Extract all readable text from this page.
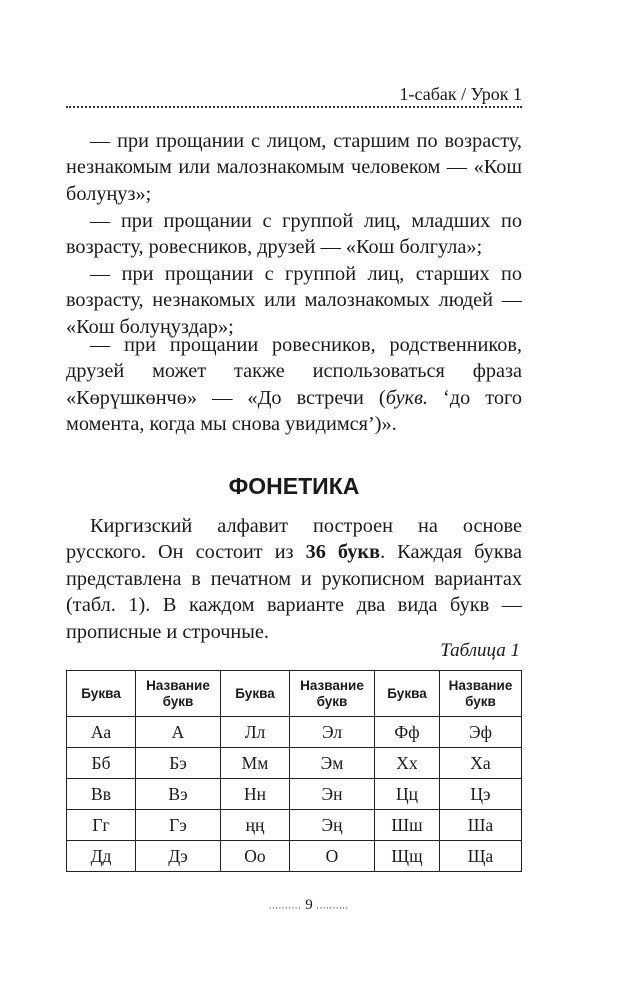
1-сабак / Урок 1

— при прощании с лицом, старшим по возрасту, незнакомым или малознакомым человеком — «Кош болуңуз»;

— при прощании с группой лиц, младших по возрасту, ровесников, друзей — «Кош болгула»;

— при прощании с группой лиц, старших по возрасту, незнакомых или малознакомых людей — «Кош болуңуздар»;

— при прощании ровесников, родственников, друзей может также использоваться фраза «Көрүшкөнчө» — «До встречи (букв. ‘до того момента, когда мы снова увидимся’)».

ФОНЕТИКА

Киргизский алфавит построен на основе русского. Он состоит из 36 букв. Каждая буква представлена в печатном и рукописном вариантах (табл. 1). В каждом варианте два вида букв — прописные и строчные.

Таблица 1
Буква	Название букв	Буква	Название букв	Буква	Название букв
Аа	А	Лл	Эл	Фф	Эф
Бб	Бэ	Мм	Эм	Хх	Ха
Вв	Вэ	Нн	Эн	Цц	Цэ
Гг	Гэ	ңң	Эң	Шш	Ша
Дд	Дэ	Оо	О	Щщ	Ща
.......... 9 ..........
